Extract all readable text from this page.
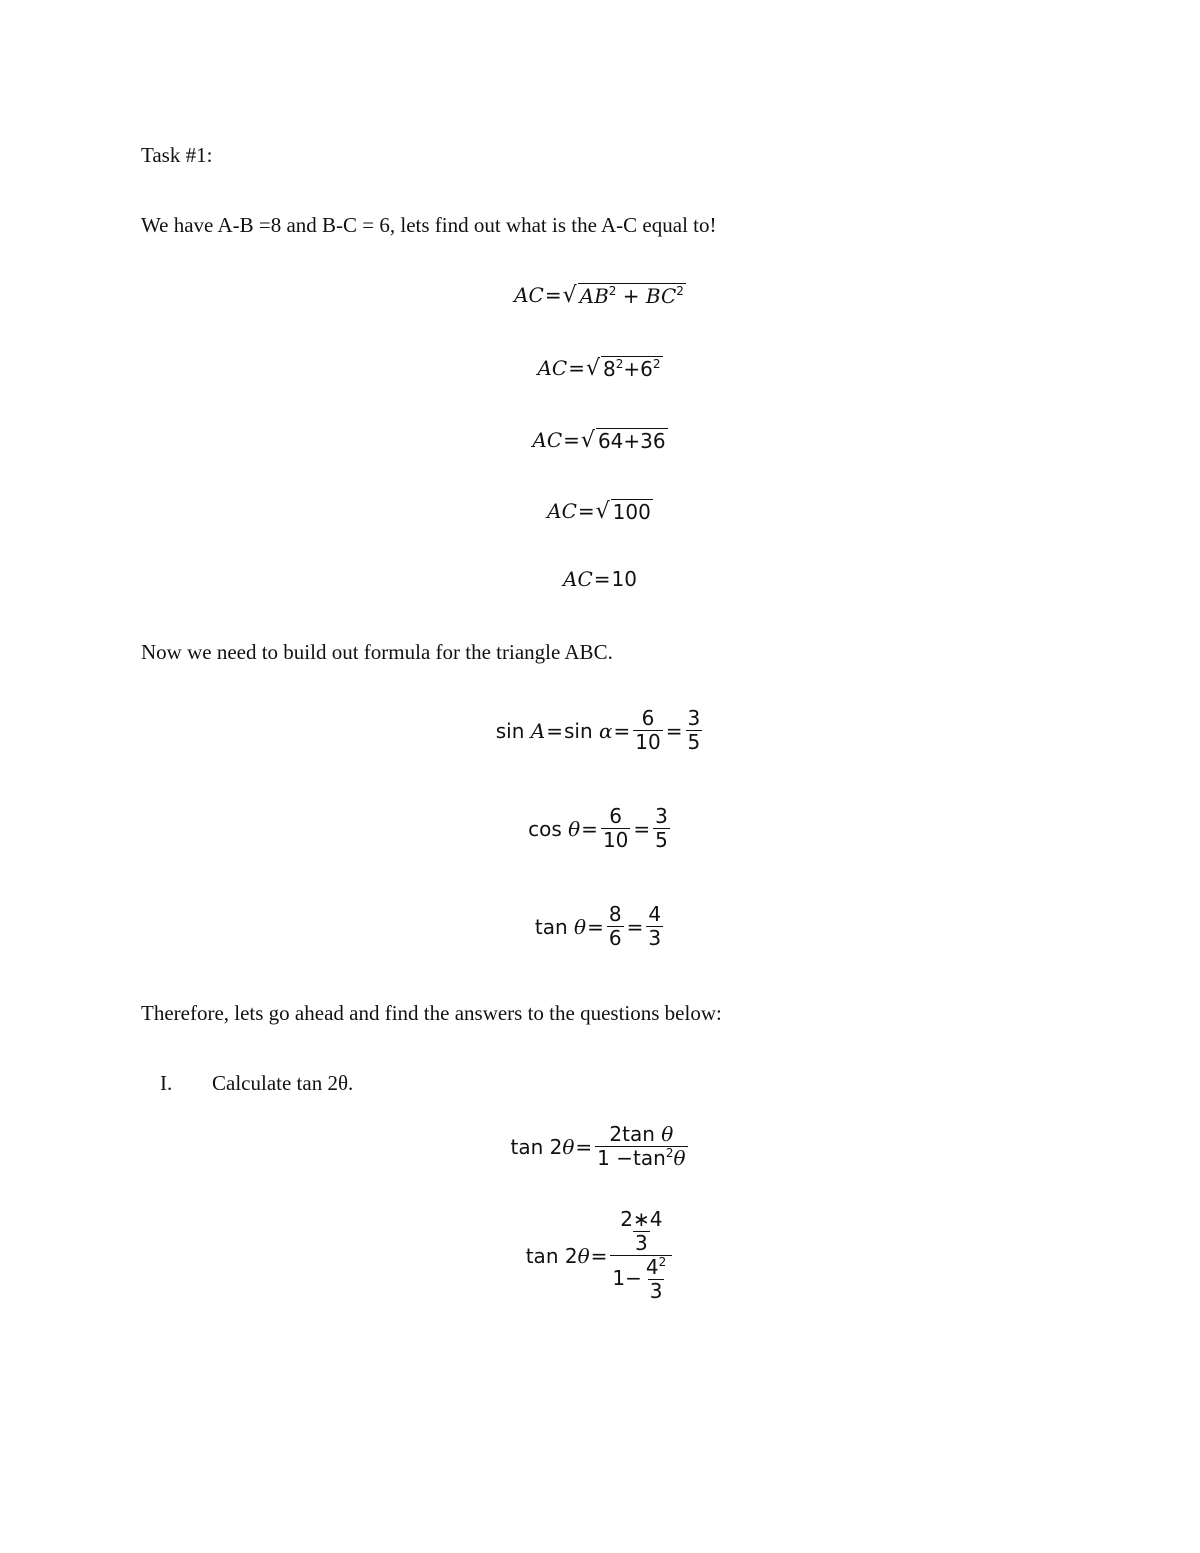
Task #1:
We have A-B =8 and B-C = 6, lets find out what is the A-C equal to!
AC = √ $AB^2 + BC^2$
AC = √ $8^2+6^2$
AC = √ 64+36
AC = √ 100
AC = 10
Now we need to build out formula for the triangle ABC.
sin
A = sin
$\alpha = \frac{6}{10} = \frac{3}{5}$
cos
$\theta = \frac{6}{10} = \frac{3}{5}$
tan
$\theta = \frac{8}{6} = \frac{4}{3}$
Therefore, lets go ahead and find the answers to the questions below:
I. Calculate tan 2θ.
tan
2 $\theta = \frac{\text{2tan θ}}{1 -\tan^2\theta}$
tan
2 $\theta = \frac{\frac{2∗4}{3}}{1- \frac{4^2}{3}}$
